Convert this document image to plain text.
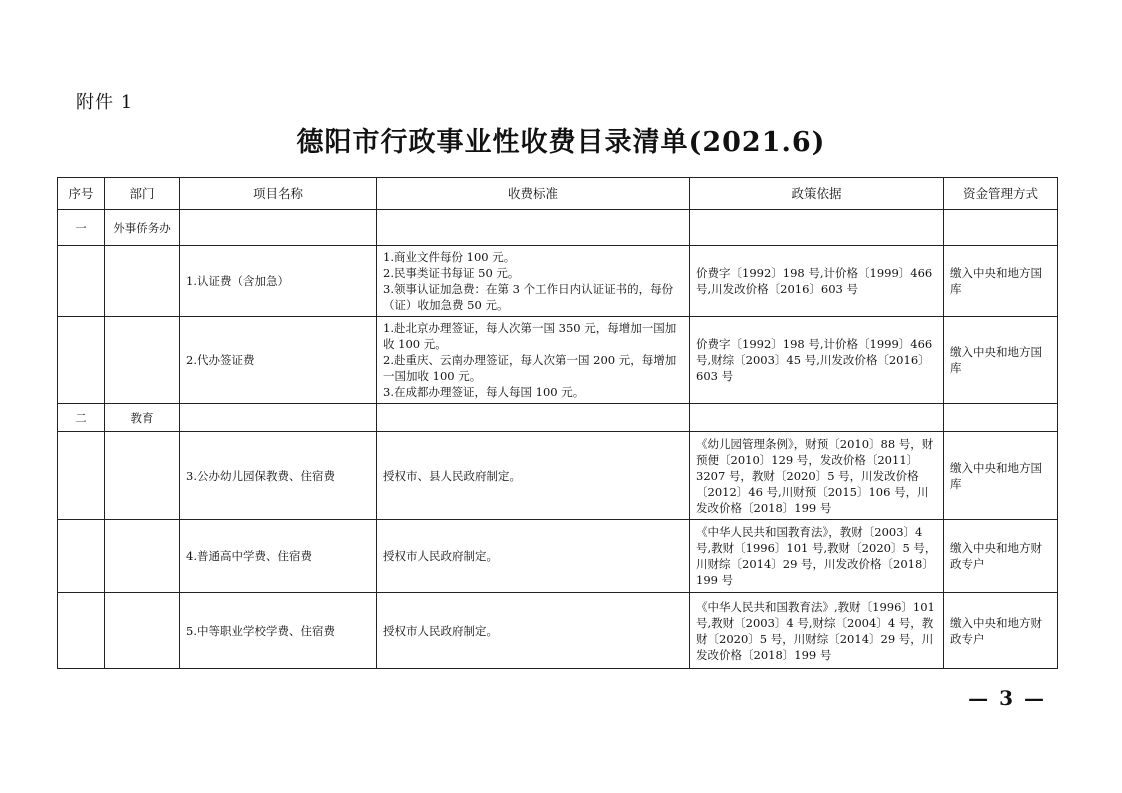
附件 1
德阳市行政事业性收费目录清单(2021.6)
序号	部门	项目名称	收费标准	政策依据	资金管理方式
一	外事侨务办				
		1.认证费（含加急）	1.商业文件每份 100 元。
2.民事类证书每证 50 元。
3.领事认证加急费：在第 3 个工作日内认证证书的，每份（证）收加急费 50 元。	价费字〔1992〕198 号,计价格〔1999〕466 号,川发改价格〔2016〕603 号	缴入中央和地方国库
		2.代办签证费	1.赴北京办理签证，每人次第一国 350 元，每增加一国加收 100 元。
2.赴重庆、云南办理签证，每人次第一国 200 元，每增加一国加收 100 元。
3.在成都办理签证，每人每国 100 元。	价费字〔1992〕198 号,计价格〔1999〕466 号,财综〔2003〕45 号,川发改价格〔2016〕603 号	缴入中央和地方国库
二	教育				
		3.公办幼儿园保教费、住宿费	授权市、县人民政府制定。	《幼儿园管理条例》，财预〔2010〕88 号，财预便〔2010〕129 号，发改价格〔2011〕3207 号，教财〔2020〕5 号，川发改价格〔2012〕46 号,川财预〔2015〕106 号，川发改价格〔2018〕199 号	缴入中央和地方国库
		4.普通高中学费、住宿费	授权市人民政府制定。	《中华人民共和国教育法》，教财〔2003〕4 号,教财〔1996〕101 号,教财〔2020〕5 号，川财综〔2014〕29 号，川发改价格〔2018〕199 号	缴入中央和地方财政专户
		5.中等职业学校学费、住宿费	授权市人民政府制定。	《中华人民共和国教育法》,教财〔1996〕101 号,教财〔2003〕4 号,财综〔2004〕4 号，教财〔2020〕5 号，川财综〔2014〕29 号，川发改价格〔2018〕199 号	缴入中央和地方财政专户
— 3 —
